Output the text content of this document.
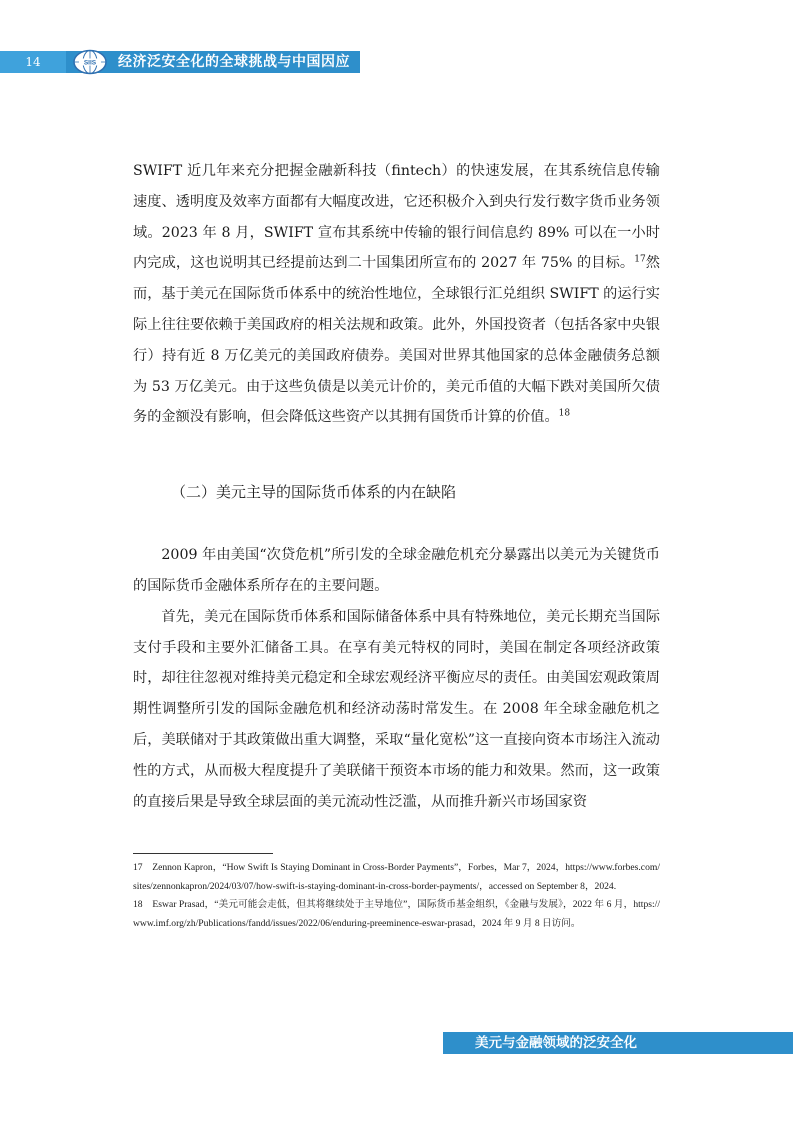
14	SIIS 经济泛安全化的全球挑战与中国因应

SWIFT 近几年来充分把握金融新科技（fintech）的快速发展，在其系统信息传输速度、透明度及效率方面都有大幅度改进，它还积极介入到央行发行数字货币业务领域。2023 年 8 月，SWIFT 宣布其系统中传输的银行间信息约 89% 可以在一小时内完成，这也说明其已经提前达到二十国集团所宣布的 2027 年 75% 的目标。$^{17}$然而，基于美元在国际货币体系中的统治性地位，全球银行汇兑组织 SWIFT 的运行实际上往往要依赖于美国政府的相关法规和政策。此外，外国投资者（包括各家中央银行）持有近 8 万亿美元的美国政府债券。美国对世界其他国家的总体金融债务总额为 53 万亿美元。由于这些负债是以美元计价的，美元币值的大幅下跌对美国所欠债务的金额没有影响，但会降低这些资产以其拥有国货币计算的价值。$^{18}$

（二）美元主导的国际货币体系的内在缺陷

2009 年由美国“次贷危机”所引发的全球金融危机充分暴露出以美元为关键货币的国际货币金融体系所存在的主要问题。

首先，美元在国际货币体系和国际储备体系中具有特殊地位，美元长期充当国际支付手段和主要外汇储备工具。在享有美元特权的同时，美国在制定各项经济政策时，却往往忽视对维持美元稳定和全球宏观经济平衡应尽的责任。由美国宏观政策周期性调整所引发的国际金融危机和经济动荡时常发生。在 2008 年全球金融危机之后，美联储对于其政策做出重大调整，采取“量化宽松”这一直接向资本市场注入流动性的方式，从而极大程度提升了美联储干预资本市场的能力和效果。然而，这一政策的直接后果是导致全球层面的美元流动性泛滥，从而推升新兴市场国家资

17　Zennon Kapron，“How Swift Is Staying Dominant in Cross-Border Payments”，Forbes，Mar 7，2024，https://www.forbes.com/sites/zennonkapron/2024/03/07/how-swift-is-staying-dominant-in-cross-border-payments/，accessed on September 8，2024.

18　Eswar Prasad，“美元可能会走低，但其将继续处于主导地位”，国际货币基金组织，《金融与发展》，2022 年 6 月，https://www.imf.org/zh/Publications/fandd/issues/2022/06/enduring-preeminence-eswar-prasad，2024 年 9 月 8 日访问。

美元与金融领域的泛安全化
